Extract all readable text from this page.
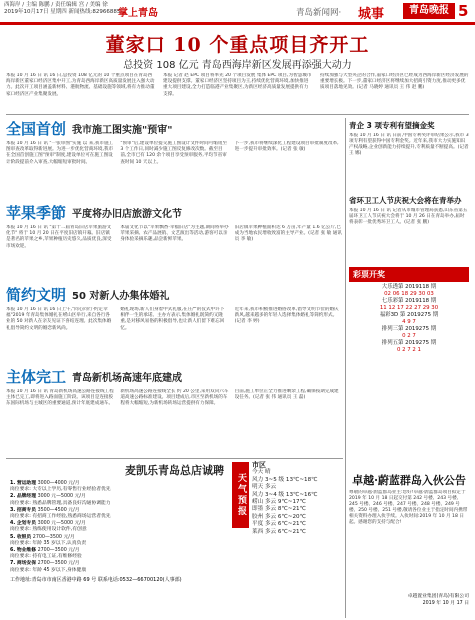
西海岸 / 主编 陈鹏 / 责任编辑 宫 / 美编 徐
2019年10月17日 星期四 新闻热线:82966885
掌上青岛	青岛新闻网· 城事	青岛晚报 5
董家口 10 个重点项目齐开工
总投资 108 亿元 青岛西海岸新区发展再添强大动力
本报 10 月 16 日 讯 16 日,总投资 108 亿元的 10 个重点项目在青岛西海岸新区董家口经济区集中开工,为青岛西海岸新区高质量发展注入强大动力。此次开工项目涵盖新材料、港航物流、基础设施等领域,将有力推动董家口经济区产业集聚发展。
本报 记者 赵 EPC 项目将率先 20 个项目发展 集体 EPC 项目,为智慧城市建设提供支撑。董家口经济区坚持项目为王,持续优化营商环境,加快推进重大项目建设,全力打造临港产业集聚区,为新区经济高质量发展提供有力支撑。
持续加强与大型央企的合作,董家口经济区已经成为西海岸新区经济发展的重要增长极。下一步,董家口经济区将继续加大招商引资力度,推动更多优质项目落地见效。(记者 马晓婷 通讯员 王 伟 赵 鹏)
全国首创 我市施工图实施"预审"
本报 10 月 16 日 讯 "一张审图"实施 以 来,我市施工图审查改革取得新进展。为进一步优化营商环境,我市在全国首创施工图"预审"制度,建设单位可在施工图设计阶段提前介入审查,大幅缩短审批时间。
"预审"后,建设单位提交施工图设计文件时间可缩短至 3 个工作日,同时减少施工图反复修改次数。截至目前,全市已有 120 余个项目享受预审服务,平均节省审查时间 10 天以上。
下一步,我市将继续深化工程建设项目审批制度改革,进一步提升审批效率。(记者 张 敏)
苹果季節 平度将办旧店旅游文化节
本报 10 月 16 日 讯 "第十二届青岛旧店苹果旅游文化节" 将于 10 月 20 日在平度旧店镇开幕。旧店镇是著名的苹果之乡,苹果种植历史悠久,品质优良,深受市场欢迎。
本届文化节以"苹果飘香·幸福旧店"为主题,期间将举办苹果采摘、农产品展销、文艺演出等活动,游客可以亲身体验采摘乐趣,品尝新鲜苹果。
旧店镇苹果种植面积达 6 万亩,年产量 1.6 亿公斤,已成为当地农民增收致富的主导产业。(记者 张 敏 通讯员 李 敏)
简约文明 50 对新人办集体婚礼
本报 10 月 16 日 讯 16 日上午,"同心同行·约定幸福"2019 年青岛集体婚礼在崂山区举行,来自各行各业的 50 对新人在亲友见证下喜结连理。此次集体婚礼倡导简约文明的婚恋新风尚。
婚礼现场,新人们身着中式礼服,在庄严的仪式中许下相伴一生的承诺。主办方表示,集体婚礼既简约又隆重,是对移风易俗的积极倡导,也让新人们留下难忘回忆。
近年来,我市积极推进婚俗改革,倡导文明节俭的婚庆新风,越来越多的年轻人选择集体婚礼等简约形式。(记者 李 婷)
主体完工 青岛新机场高速年底建成
本报 10 月 16 日 讯 青岛新机场高速公路连接线工程主体已完工,即将进入路面施工阶段。该项目是连接胶东国际机场与主城区的重要通道,预计年底建成通车。
新机场高速公路连接线全长 约 20 公里,采用双向六车道高速公路标准建设。项目建成后,市区至新机场的车程将大幅缩短,为新机场转场运营提供有力保障。
目前,施工单位正全力推进剩余工程,确保按期完成建设任务。(记者 张 伟 通讯员 王 磊)
麦凯乐青岛总店诚聘
1. 营运助理 3000—4000 元/月
岗位要求: 大专以上学历,有零售行业经验者优先
2. 品牌经理 3000 元—5000 元/月
岗位要求: 熟悉品牌管理,具备良好沟通协调能力
3. 招商专员 3500—4500 元/月
岗位要求: 有招商工作经验,熟悉商场运营者优先
4. 企划专员 3000 元—5000 元/月
岗位要求: 熟练使用设计软件,有创意
5. 收银员 2700—3500 元/月
岗位要求: 年龄 35 岁以下,认真负责
6. 物业维修 2700—3500 元/月
岗位要求: 持有电工证,有维修经验
7. 商场安保 2700—3500 元/月
岗位要求: 年龄 45 岁以下,身体健康
工作地址:青岛市市南区香港中路 69 号 联系电话:0532—66700120(人事部)
天气预报
市区
今天 晴
风力 3~5 级 13℃~18℃
明天 多云
风力 3~4 级 13℃~16℃
崂山 多云 9℃~17℃
即墨 多云 8℃~21℃
胶州 多云 6℃~20℃
平度 多云 6℃~21℃
莱西 多云 6℃~21℃
青企 3 项专利有望摘金奖
本报 10 月 16 日 讯 日前,中国专利奖评审结果公示,我市 3 项专利有望获得中国专利金奖。近年来,我市大力实施知识产权战略,企业创新能力持续提升,专利质量不断提高。(记者 王 娜)
省环卫工人节庆祝大会将在青举办
本报 10 月 16 日 讯 记者从市城市管理局获悉,山东省第五届环卫工人节庆祝大会将于 10 月 26 日在青岛举办,届时将表彰一批优秀环卫工人。(记者 张 鹏)
彩票开奖
大乐透第 2019118 期
02 06 18 29 30 03
七乐彩第 2019118 期
11 12 17 22 27 29 30
福彩3D 第 2019275 期
4 9 7
排列三第 2019275 期
0 2 7
排列五第 2019275 期
0 2 7 2 1
卓越·蔚蓝群岛入伙公告
尊敬的卓越·蔚蓝群岛业主:您好!卓越·蔚蓝群岛项目拟定于 2019 年 10 月 18 日起交付第 242 号楼、243 号楼、245 号楼、246 号楼、247 号楼、248 号楼、249 号楼、250 号楼、251 号楼,敬请各位业主于指定时间内携带相关资料办理入伙手续。入伙时间:2019 年 10 月 18 日起。感谢您的支持与配合!
卓越置业集团(青岛)有限公司
2019 年 10 月 17 日
